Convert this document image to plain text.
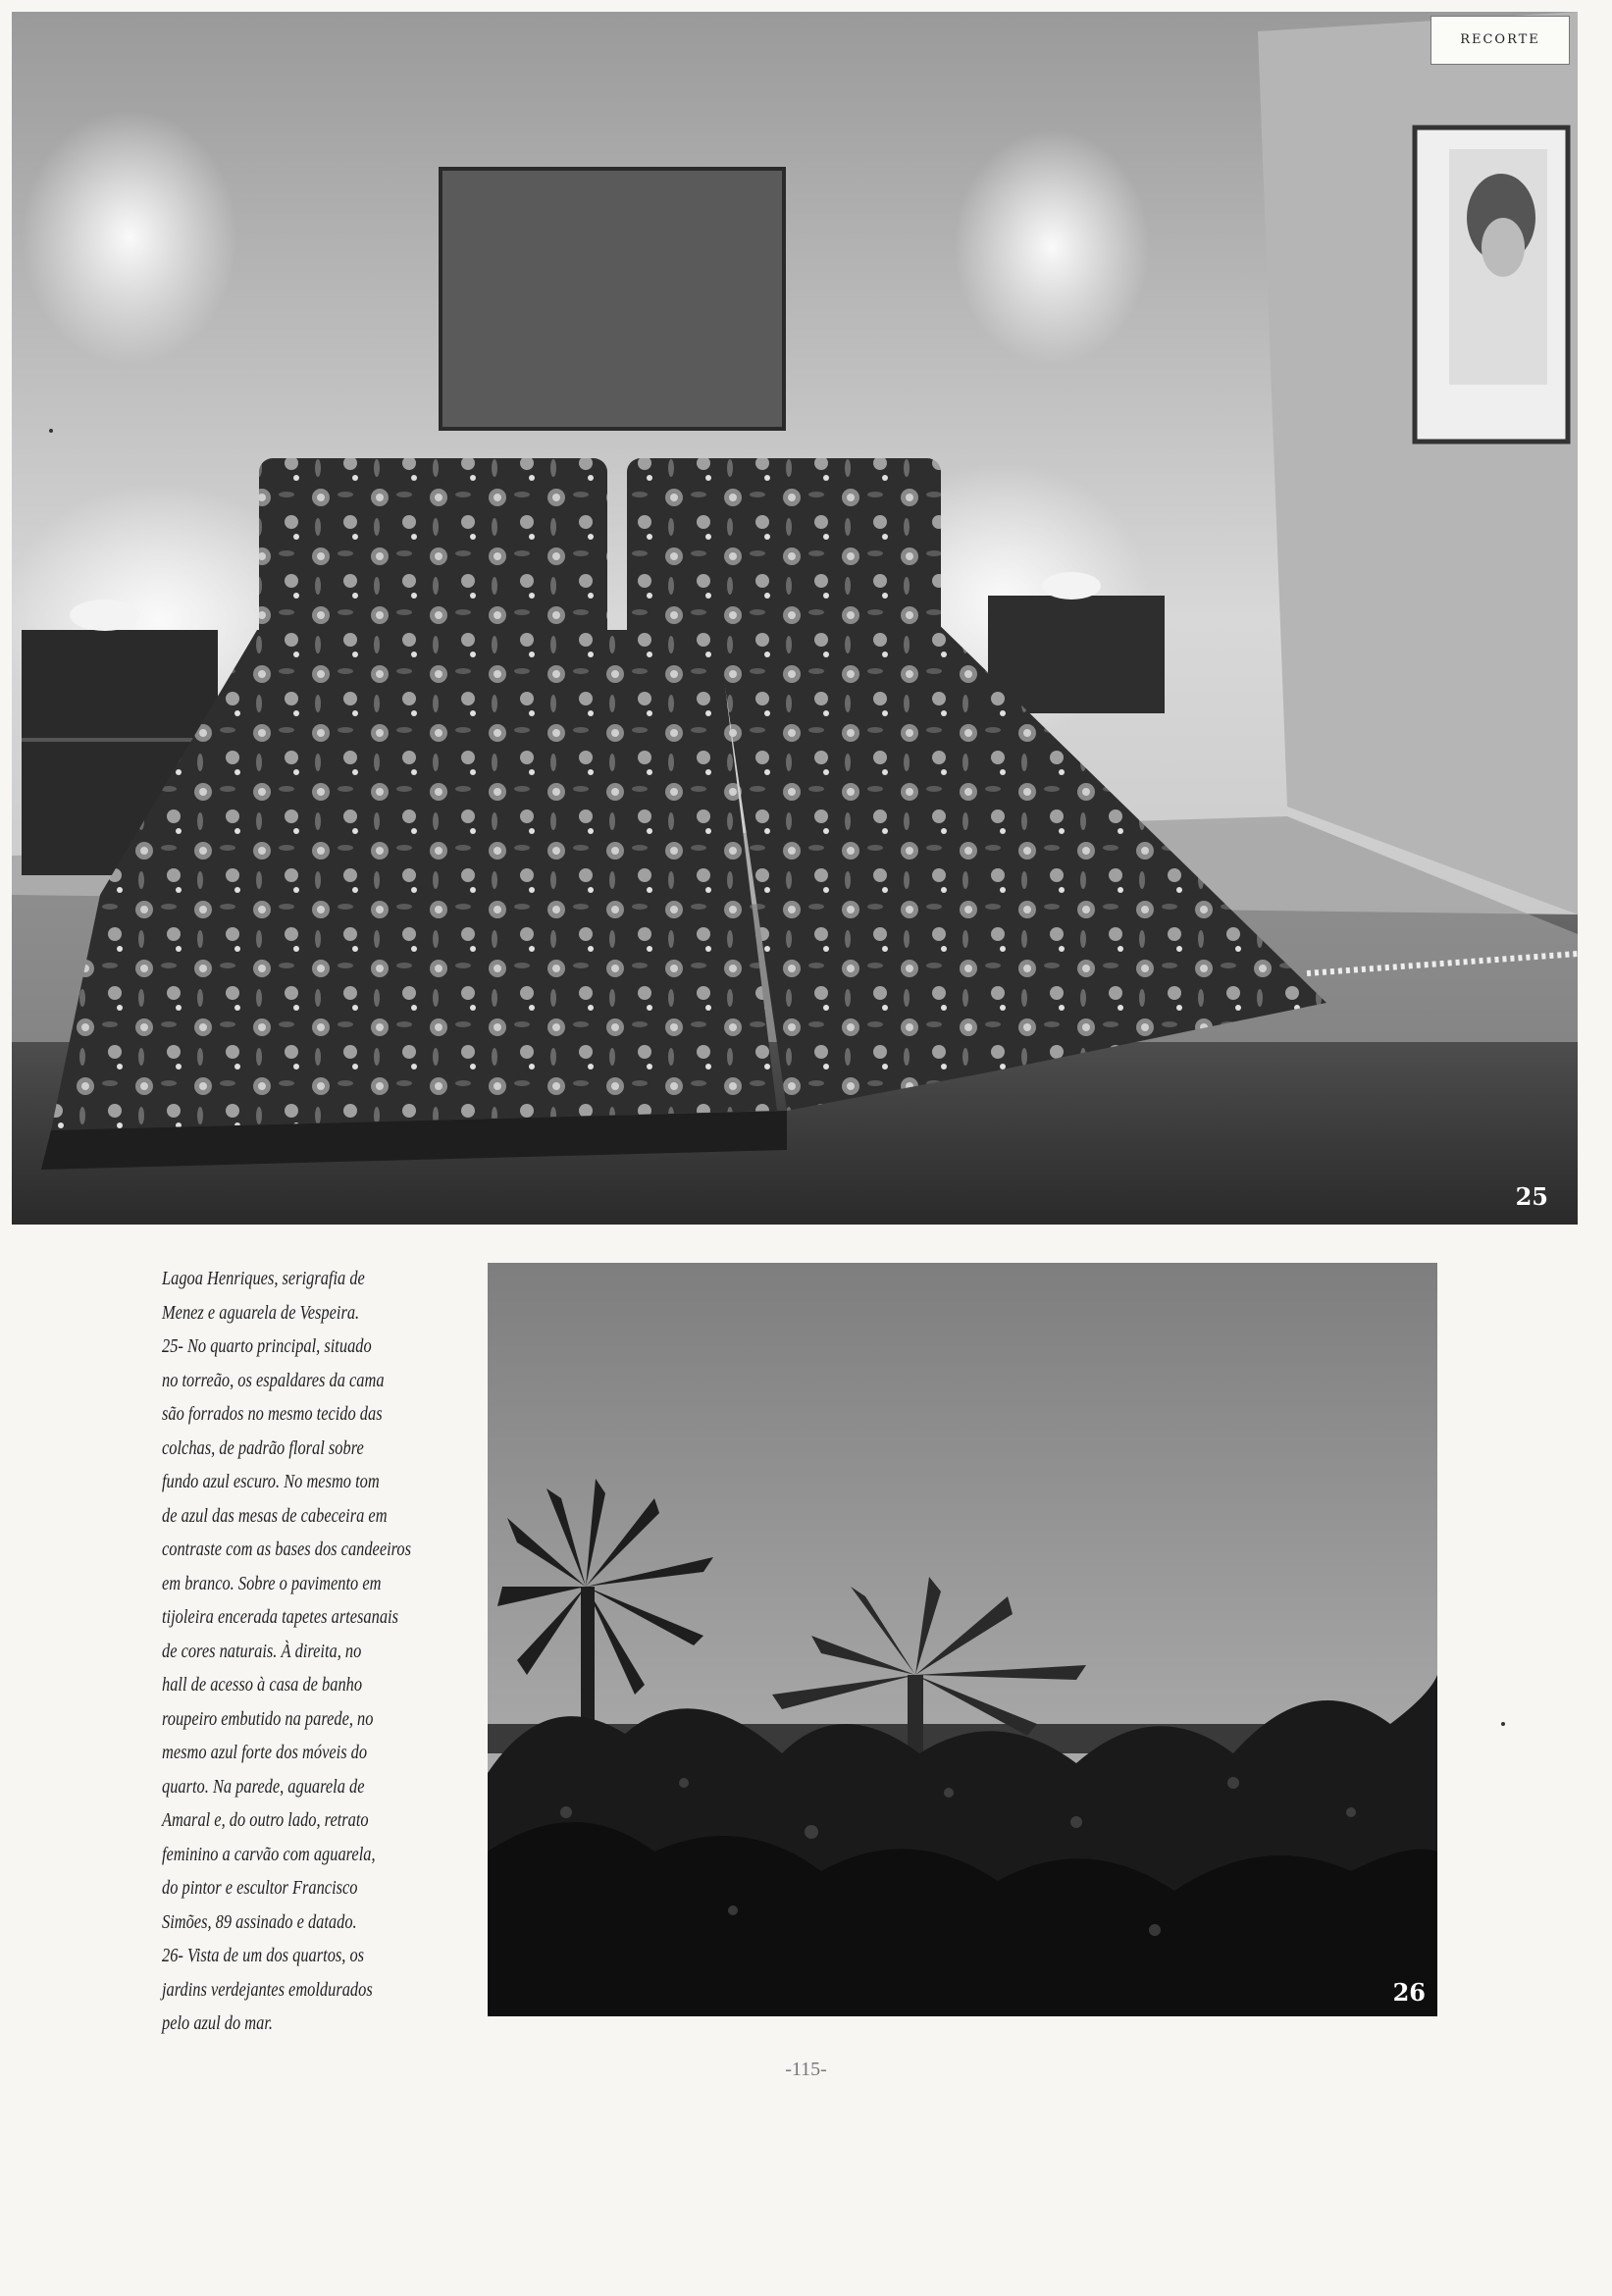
25
RECORTE
26

Lagoa Henriques, serigrafia de

Menez e aguarela de Vespeira.

25- No quarto principal, situado

no torreão, os espaldares da cama

são forrados no mesmo tecido das

colchas, de padrão floral sobre

fundo azul escuro. No mesmo tom

de azul das mesas de cabeceira em

contraste com as bases dos candeeiros

em branco. Sobre o pavimento em

tijoleira encerada tapetes artesanais

de cores naturais. À direita, no

hall de acesso à casa de banho

roupeiro embutido na parede, no

mesmo azul forte dos móveis do

quarto. Na parede, aguarela de

Amaral e, do outro lado, retrato

feminino a carvão com aguarela,

do pintor e escultor Francisco

Simões, 89 assinado e datado.

26- Vista de um dos quartos, os

jardins verdejantes emoldurados

pelo azul do mar.

-115-
